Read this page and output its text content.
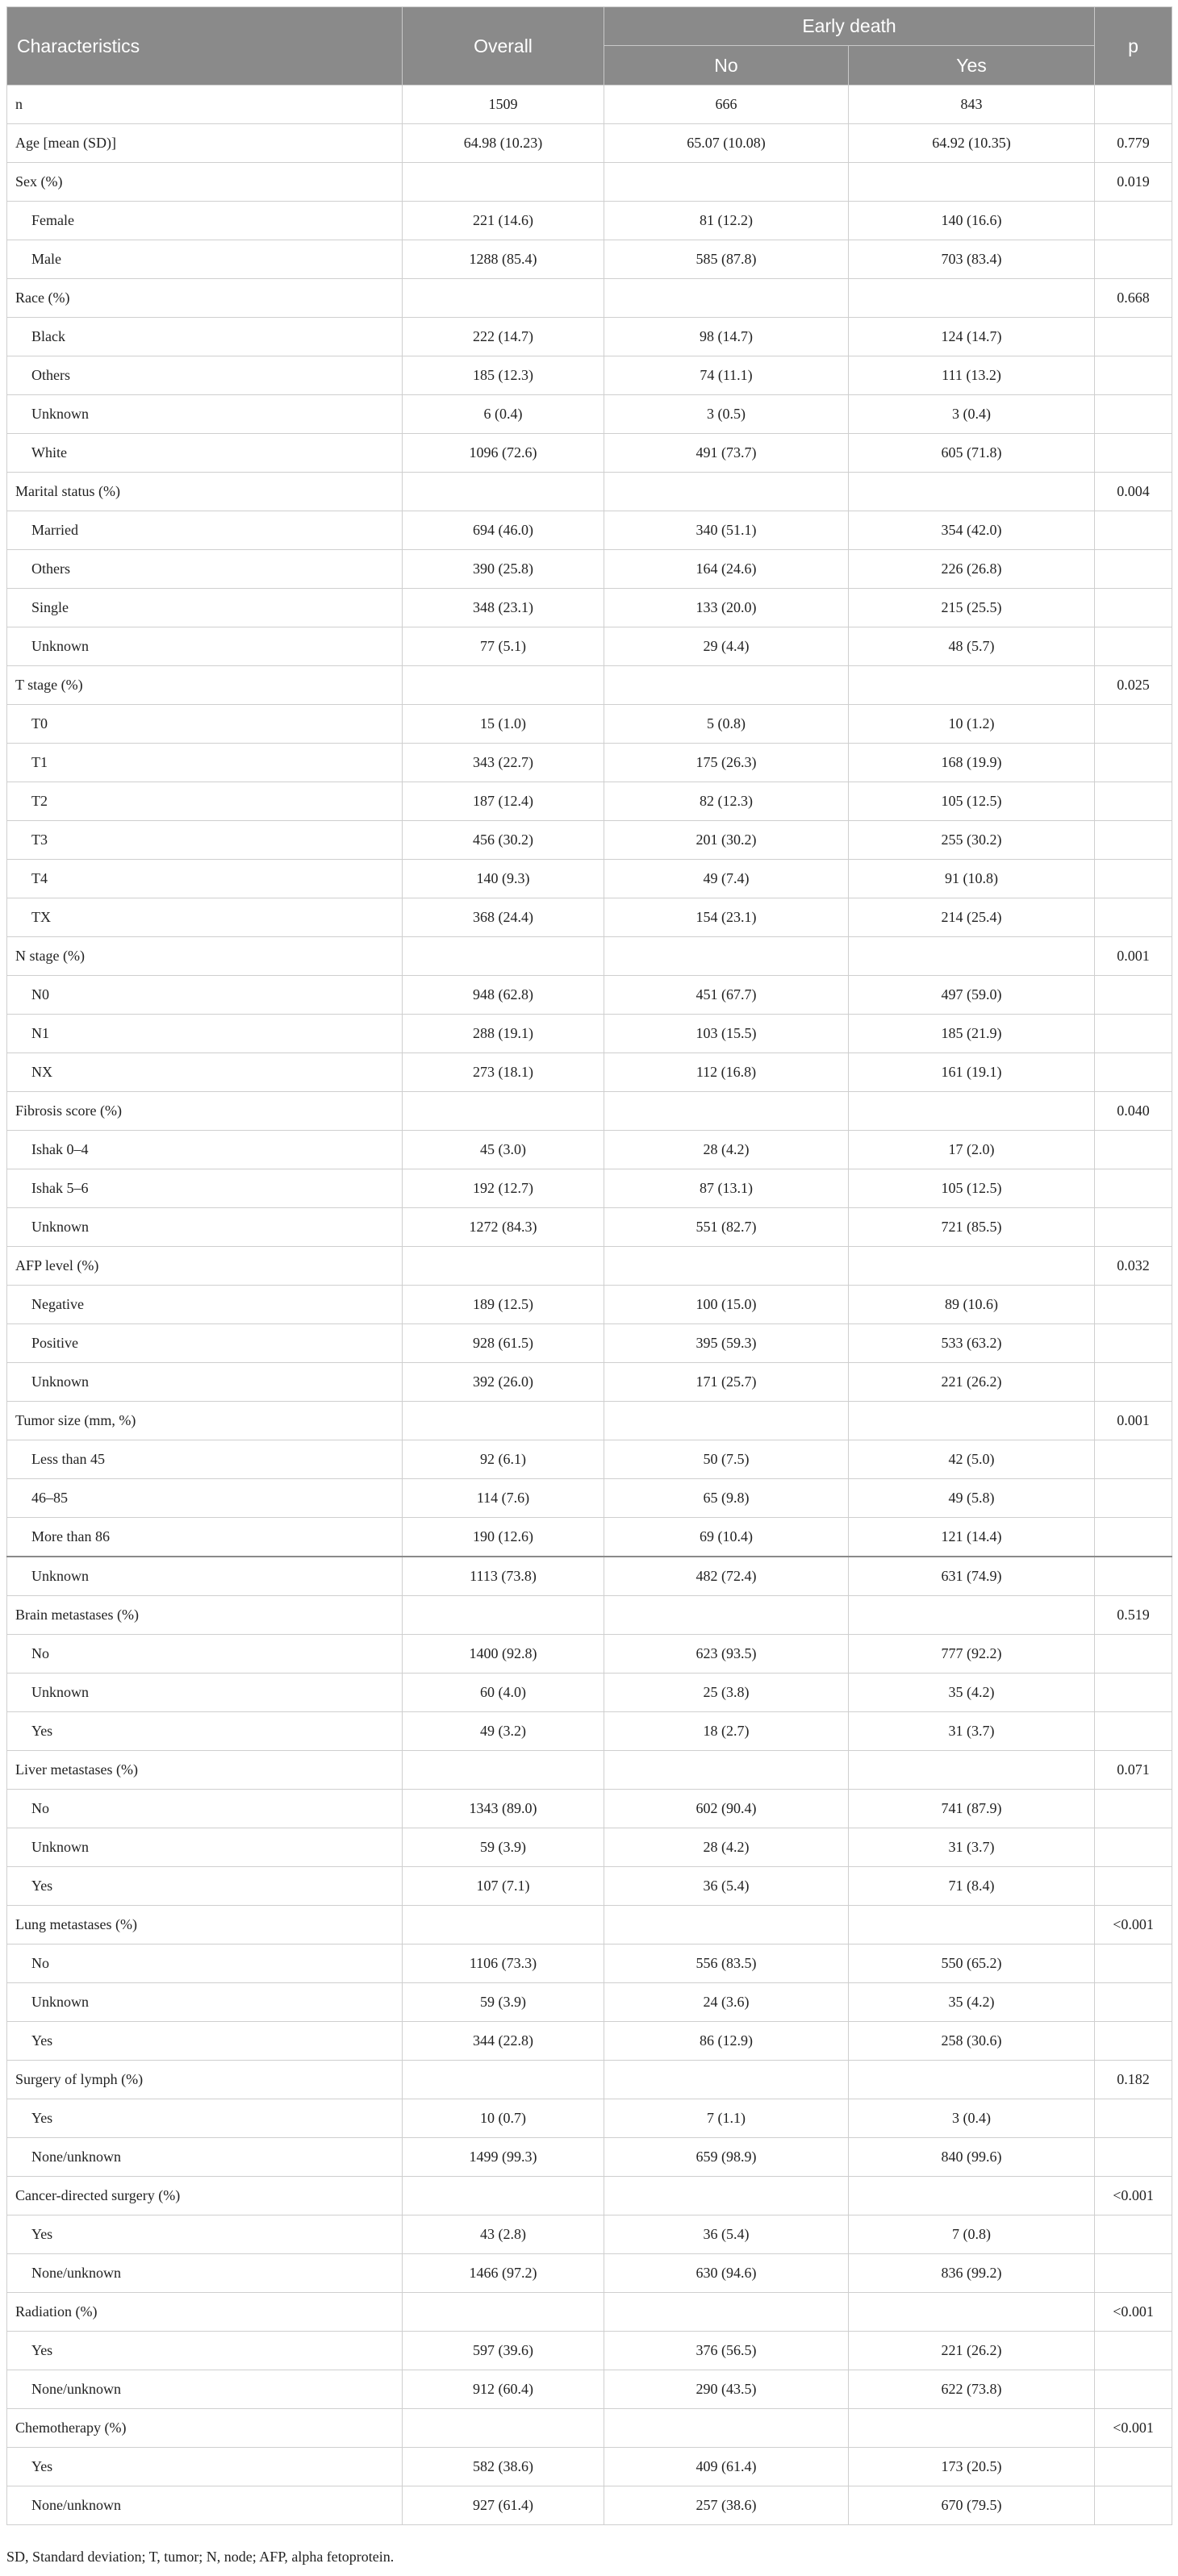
Characteristics	Overall	Early death		p
		No	Yes	
n	1509	666	843	
Age [mean (SD)]	64.98 (10.23)	65.07 (10.08)	64.92 (10.35)	0.779
Sex (%)				0.019
Female	221 (14.6)	81 (12.2)	140 (16.6)	
Male	1288 (85.4)	585 (87.8)	703 (83.4)	
Race (%)				0.668
Black	222 (14.7)	98 (14.7)	124 (14.7)	
Others	185 (12.3)	74 (11.1)	111 (13.2)	
Unknown	6 (0.4)	3 (0.5)	3 (0.4)	
White	1096 (72.6)	491 (73.7)	605 (71.8)	
Marital status (%)				0.004
Married	694 (46.0)	340 (51.1)	354 (42.0)	
Others	390 (25.8)	164 (24.6)	226 (26.8)	
Single	348 (23.1)	133 (20.0)	215 (25.5)	
Unknown	77 (5.1)	29 (4.4)	48 (5.7)	
T stage (%)				0.025
T0	15 (1.0)	5 (0.8)	10 (1.2)	
T1	343 (22.7)	175 (26.3)	168 (19.9)	
T2	187 (12.4)	82 (12.3)	105 (12.5)	
T3	456 (30.2)	201 (30.2)	255 (30.2)	
T4	140 (9.3)	49 (7.4)	91 (10.8)	
TX	368 (24.4)	154 (23.1)	214 (25.4)	
N stage (%)				0.001
N0	948 (62.8)	451 (67.7)	497 (59.0)	
N1	288 (19.1)	103 (15.5)	185 (21.9)	
NX	273 (18.1)	112 (16.8)	161 (19.1)	
Fibrosis score (%)				0.040
Ishak 0–4	45 (3.0)	28 (4.2)	17 (2.0)	
Ishak 5–6	192 (12.7)	87 (13.1)	105 (12.5)	
Unknown	1272 (84.3)	551 (82.7)	721 (85.5)	
AFP level (%)				0.032
Negative	189 (12.5)	100 (15.0)	89 (10.6)	
Positive	928 (61.5)	395 (59.3)	533 (63.2)	
Unknown	392 (26.0)	171 (25.7)	221 (26.2)	
Tumor size (mm, %)				0.001
Less than 45	92 (6.1)	50 (7.5)	42 (5.0)	
46–85	114 (7.6)	65 (9.8)	49 (5.8)	
More than 86	190 (12.6)	69 (10.4)	121 (14.4)	
Unknown	1113 (73.8)	482 (72.4)	631 (74.9)	
Brain metastases (%)				0.519
No	1400 (92.8)	623 (93.5)	777 (92.2)	
Unknown	60 (4.0)	25 (3.8)	35 (4.2)	
Yes	49 (3.2)	18 (2.7)	31 (3.7)	
Liver metastases (%)				0.071
No	1343 (89.0)	602 (90.4)	741 (87.9)	
Unknown	59 (3.9)	28 (4.2)	31 (3.7)	
Yes	107 (7.1)	36 (5.4)	71 (8.4)	
Lung metastases (%)				<0.001
No	1106 (73.3)	556 (83.5)	550 (65.2)	
Unknown	59 (3.9)	24 (3.6)	35 (4.2)	
Yes	344 (22.8)	86 (12.9)	258 (30.6)	
Surgery of lymph (%)				0.182
Yes	10 (0.7)	7 (1.1)	3 (0.4)	
None/unknown	1499 (99.3)	659 (98.9)	840 (99.6)	
Cancer-directed surgery (%)				<0.001
Yes	43 (2.8)	36 (5.4)	7 (0.8)	
None/unknown	1466 (97.2)	630 (94.6)	836 (99.2)	
Radiation (%)				<0.001
Yes	597 (39.6)	376 (56.5)	221 (26.2)	
None/unknown	912 (60.4)	290 (43.5)	622 (73.8)	
Chemotherapy (%)				<0.001
Yes	582 (38.6)	409 (61.4)	173 (20.5)	
None/unknown	927 (61.4)	257 (38.6)	670 (79.5)	
SD, Standard deviation; T, tumor; N, node; AFP, alpha fetoprotein.
